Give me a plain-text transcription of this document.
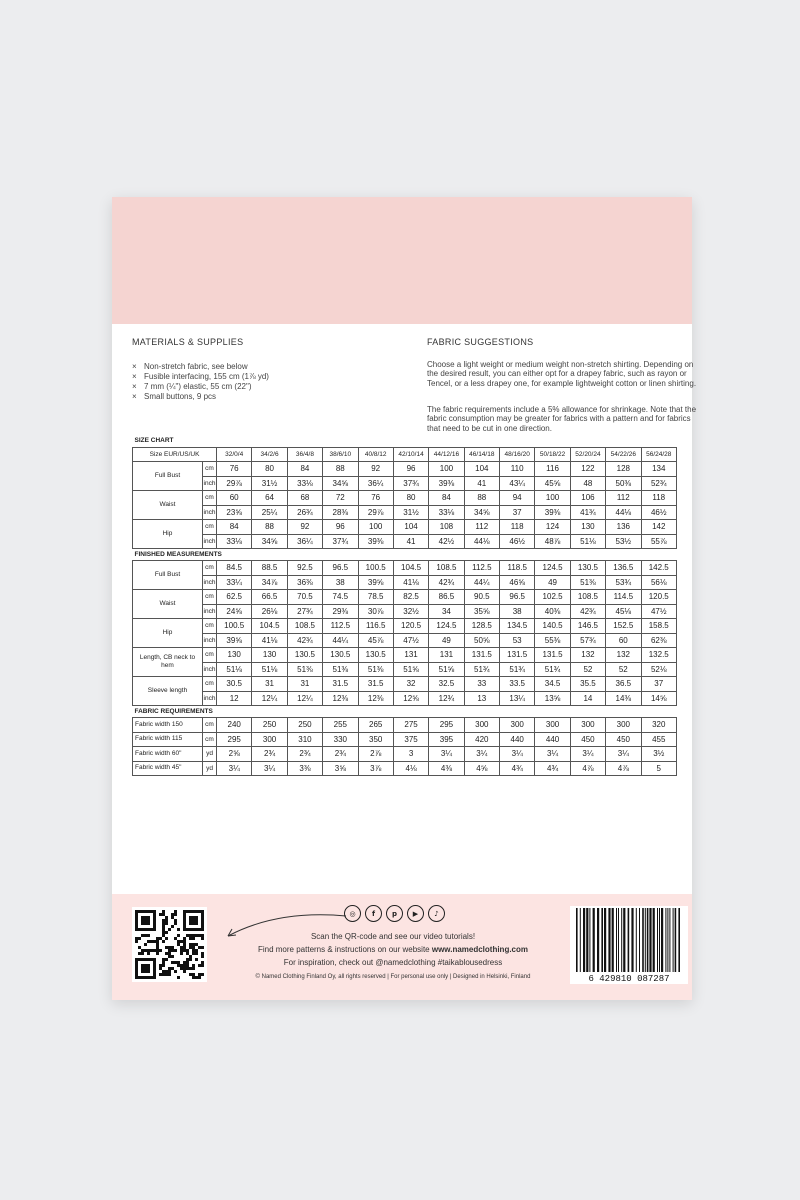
MATERIALS & SUPPLIES
× Non-stretch fabric, see below
× Fusible interfacing, 155 cm (1⅞ yd)
× 7 mm (¼") elastic, 55 cm (22")
× Small buttons, 9 pcs
FABRIC SUGGESTIONS

Choose a light weight or medium weight non-stretch shirting. Depending on the desired result, you can either opt for a drapey fabric, such as rayon or Tencel, or a less drapey one, for example lightweight cotton or linen shirting.

The fabric requirements include a 5% allowance for shrinkage. Note that the fabric consumption may be greater for fabrics with a pattern and for fabrics that need to be cut in one direction.

SIZE CHART														
Size EUR/US/UK		32/0/4	34/2/6	36/4/8	38/6/10	40/8/12	42/10/14	44/12/16	46/14/18	48/16/20	50/18/22	52/20/24	54/22/26	56/24/28
Full Bust	cm	76	80	84	88	92	96	100	104	110	116	122	128	134
	inch	29⅞	31½	33⅛	34⅝	36¼	37¾	39⅜	41	43¼	45⅝	48	50⅜	52¾
Waist	cm	60	64	68	72	76	80	84	88	94	100	106	112	118
	inch	23⅝	25¼	26¾	28⅜	29⅞	31½	33⅛	34⅝	37	39⅜	41¾	44⅛	46½
Hip	cm	84	88	92	96	100	104	108	112	118	124	130	136	142
	inch	33⅛	34⅝	36¼	37¾	39⅜	41	42½	44⅛	46½	48⅞	51⅛	53½	55⅞
FINISHED MEASUREMENTS														
Full Bust	cm	84.5	88.5	92.5	96.5	100.5	104.5	108.5	112.5	118.5	124.5	130.5	136.5	142.5
	inch	33¼	34⅞	36⅜	38	39⅝	41⅛	42¾	44¼	46⅝	49	51⅜	53¾	56⅛
Waist	cm	62.5	66.5	70.5	74.5	78.5	82.5	86.5	90.5	96.5	102.5	108.5	114.5	120.5
	inch	24⅝	26⅛	27¾	29⅜	30⅞	32½	34	35⅝	38	40⅜	42¾	45⅛	47½
Hip	cm	100.5	104.5	108.5	112.5	116.5	120.5	124.5	128.5	134.5	140.5	146.5	152.5	158.5
	inch	39⅝	41⅛	42¾	44¼	45⅞	47½	49	50⅝	53	55⅜	57¾	60	62⅜
Length, CB neck to hem	cm	130	130	130.5	130.5	130.5	131	131	131.5	131.5	131.5	132	132	132.5
	inch	51⅛	51⅛	51⅜	51⅜	51⅜	51⅝	51⅝	51¾	51¾	51¾	52	52	52⅛
Sleeve length	cm	30.5	31	31	31.5	31.5	32	32.5	33	33.5	34.5	35.5	36.5	37
	inch	12	12¼	12¼	12⅜	12⅜	12⅝	12¾	13	13¼	13⅝	14	14⅜	14⅝
FABRIC REQUIREMENTS														
Fabric width 150	cm	240	250	250	255	265	275	295	300	300	300	300	300	320
Fabric width 115	cm	295	300	310	330	350	375	395	420	440	440	450	450	455
Fabric width 60"	yd	2⅝	2¾	2¾	2¾	2⅞	3	3¼	3¼	3¼	3¼	3¼	3¼	3½
Fabric width 45"	yd	3¼	3¼	3⅜	3⅝	3⅞	4⅛	4⅜	4⅝	4¾	4¾	4⅞	4⅞	5
◎	f	p	▶	♪
Scan the QR-code and see our video tutorials!
Find more patterns & instructions on our website www.namedclothing.com
For inspiration, check out @namedclothing #taikablousedress
© Named Clothing Finland Oy, all rights reserved | For personal use only | Designed in Helsinki, Finland	6 429810 087287
